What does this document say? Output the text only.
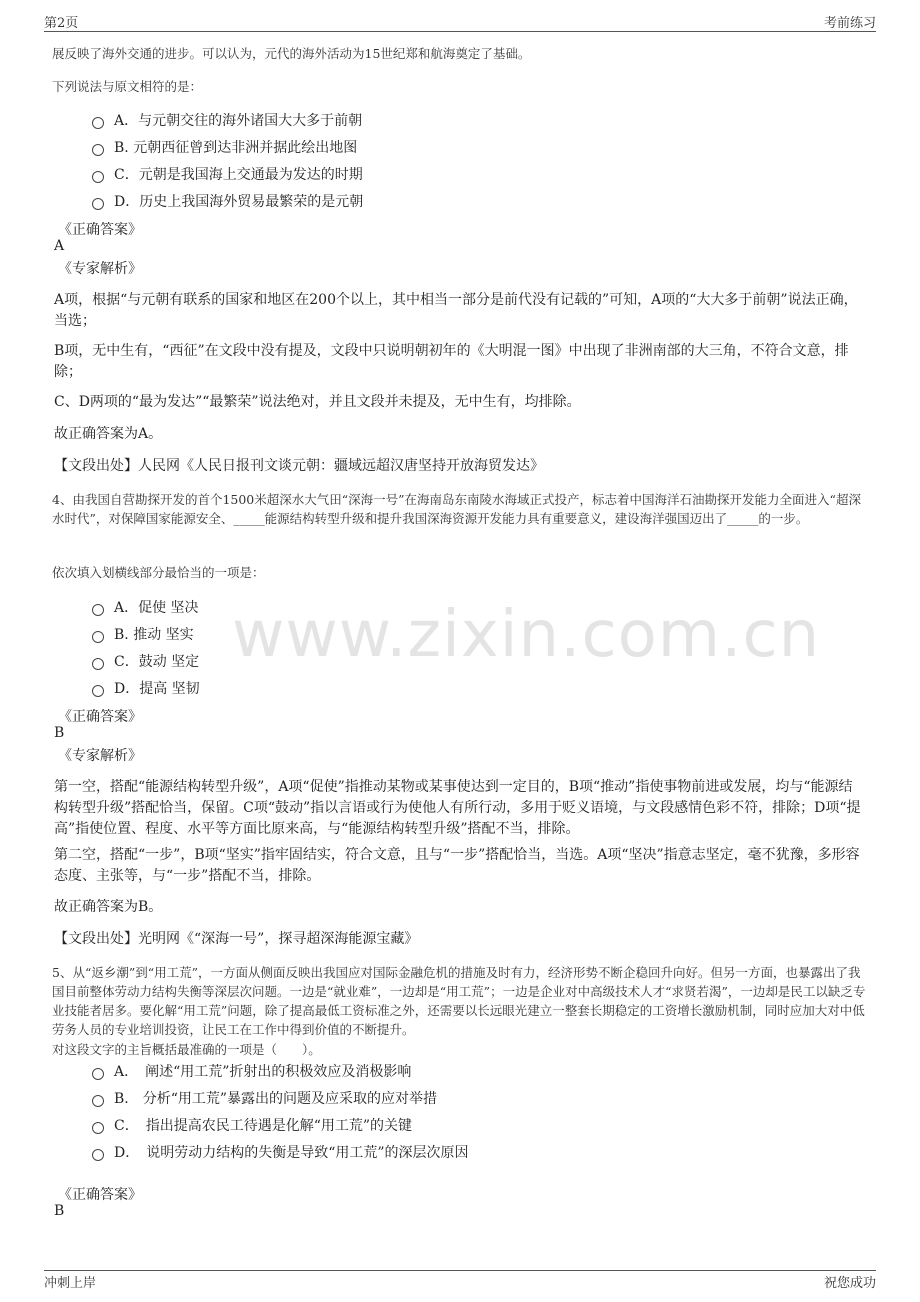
第2页	考前练习
www.zixin.com.cn
展反映了海外交通的进步。可以认为，元代的海外活动为15世纪郑和航海奠定了基础。
下列说法与原文相符的是：
A．与元朝交往的海外诸国大大多于前朝
B. 元朝西征曾到达非洲并据此绘出地图
C．元朝是我国海上交通最为发达的时期
D．历史上我国海外贸易最繁荣的是元朝
《正确答案》
A
《专家解析》
A项，根据“与元朝有联系的国家和地区在200个以上，其中相当一部分是前代没有记载的”可知，A项的“大大多于前朝”说法正确，当选；
B项，无中生有，“西征”在文段中没有提及，文段中只说明朝初年的《大明混一图》中出现了非洲南部的大三角，不符合文意，排除；
C、D两项的“最为发达”“最繁荣”说法绝对，并且文段并未提及，无中生有，均排除。
故正确答案为A。
【文段出处】人民网《人民日报刊文谈元朝：疆域远超汉唐坚持开放海贸发达》
4、由我国自营勘探开发的首个1500米超深水大气田“深海一号”在海南岛东南陵水海域正式投产，标志着中国海洋石油勘探开发能力全面进入“超深水时代”，对保障国家能源安全、_____能源结构转型升级和提升我国深海资源开发能力具有重要意义，建设海洋强国迈出了_____的一步。
依次填入划横线部分最恰当的一项是：
A．促使 坚决
B. 推动 坚实
C．鼓动 坚定
D．提高 坚韧
《正确答案》
B
《专家解析》
第一空，搭配“能源结构转型升级”，A项“促使”指推动某物或某事使达到一定目的，B项“推动”指使事物前进或发展，均与“能源结构转型升级”搭配恰当，保留。C项“鼓动”指以言语或行为使他人有所行动，多用于贬义语境，与文段感情色彩不符，排除；D项“提高”指使位置、程度、水平等方面比原来高，与“能源结构转型升级”搭配不当，排除。
第二空，搭配“一步”，B项“坚实”指牢固结实，符合文意，且与“一步”搭配恰当，当选。A项“坚决”指意志坚定，毫不犹豫，多形容态度、主张等，与“一步”搭配不当，排除。
故正确答案为B。
【文段出处】光明网《“深海一号”，探寻超深海能源宝藏》
5、从“返乡潮”到“用工荒”，一方面从侧面反映出我国应对国际金融危机的措施及时有力，经济形势不断企稳回升向好。但另一方面，也暴露出了我国目前整体劳动力结构失衡等深层次问题。一边是“就业难”，一边却是“用工荒”；一边是企业对中高级技术人才“求贤若渴”，一边却是民工以缺乏专业技能者居多。要化解“用工荒”问题，除了提高最低工资标准之外，还需要以长远眼光建立一整套长期稳定的工资增长激励机制，同时应加大对中低劳务人员的专业培训投资，让民工在工作中得到价值的不断提升。
对这段文字的主旨概括最准确的一项是（　　）。
A．　阐述“用工荒”折射出的积极效应及消极影响
B.　分析“用工荒”暴露出的问题及应采取的应对举措
C．　指出提高农民工待遇是化解“用工荒”的关键
D．　说明劳动力结构的失衡是导致“用工荒”的深层次原因
《正确答案》
B
冲刺上岸	祝您成功
